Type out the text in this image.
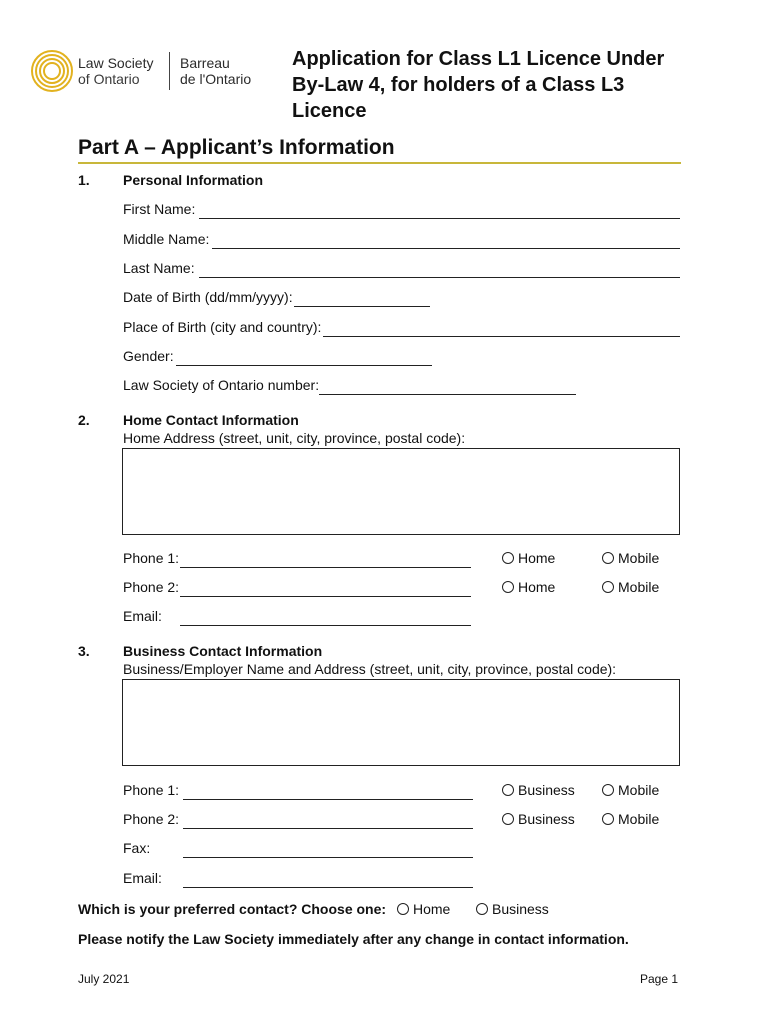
Law Society
of Ontario
Barreau
de l'Ontario
Application for Class L1 Licence Under
By-Law 4, for holders of a Class L3
Licence
Part A – Applicant’s Information
1. Personal Information
First Name:
Middle Name:
Last Name:
Date of Birth (dd/mm/yyyy):
Place of Birth (city and country):
Gender:
Law Society of Ontario number:
2. Home Contact Information
Home Address (street, unit, city, province, postal code):
Phone 1:	Home	Mobile
Phone 2:	Home	Mobile
Email:
3. Business Contact Information
Business/Employer Name and Address (street, unit, city, province, postal code):
Phone 1:	Business	Mobile
Phone 2:	Business	Mobile
Fax:
Email:
Which is your preferred contact? Choose one: Home	Business
Please notify the Law Society immediately after any change in contact information.
July 2021	Page 1
